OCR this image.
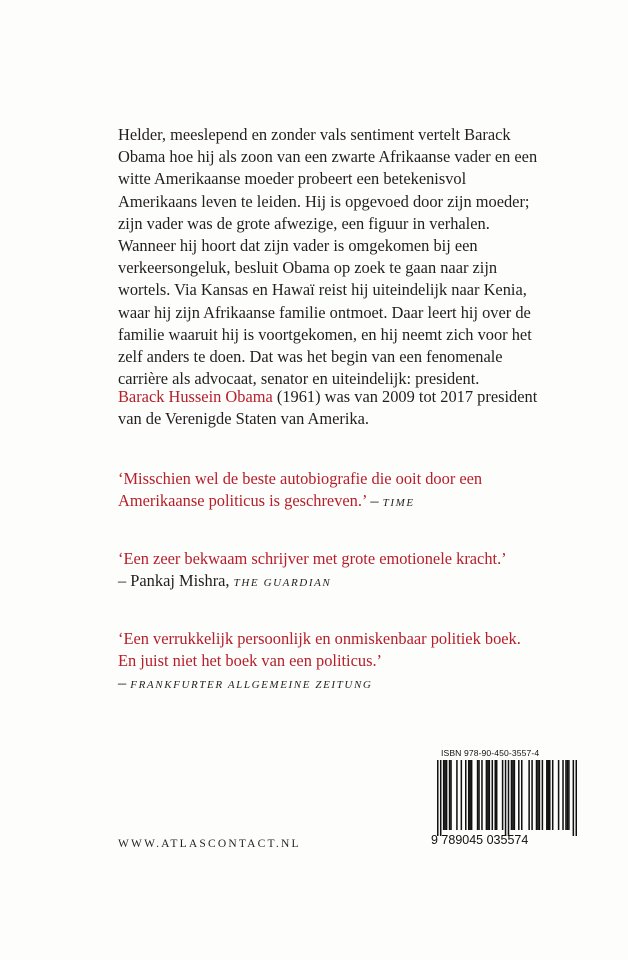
Helder, meeslepend en zonder vals sentiment vertelt Barack Obama hoe hij als zoon van een zwarte Afrikaanse vader en een witte Amerikaanse moeder probeert een betekenisvol Amerikaans leven te leiden. Hij is opgevoed door zijn moeder; zijn vader was de grote afwezige, een figuur in verhalen. Wanneer hij hoort dat zijn vader is omgekomen bij een verkeersongeluk, besluit Obama op zoek te gaan naar zijn wortels. Via Kansas en Hawaï reist hij uiteindelijk naar Kenia, waar hij zijn Afrikaanse familie ontmoet. Daar leert hij over de familie waaruit hij is voortgekomen, en hij neemt zich voor het zelf anders te doen. Dat was het begin van een fenomenale carrière als advocaat, senator en uiteindelijk: president.

Barack Hussein Obama (1961) was van 2009 tot 2017 president van de Verenigde Staten van Amerika.

‘Misschien wel de beste autobiografie die ooit door een Amerikaanse politicus is geschreven.’ – TIME

‘Een zeer bekwaam schrijver met grote emotionele kracht.’
– Pankaj Mishra, THE GUARDIAN

‘Een verrukkelijk persoonlijk en onmiskenbaar politiek boek. En juist niet het boek van een politicus.’
– FRANKFURTER ALLGEMEINE ZEITUNG

WWW.ATLASCONTACT.NL
ISBN 978-90-450-3557-4
9 789045 035574
